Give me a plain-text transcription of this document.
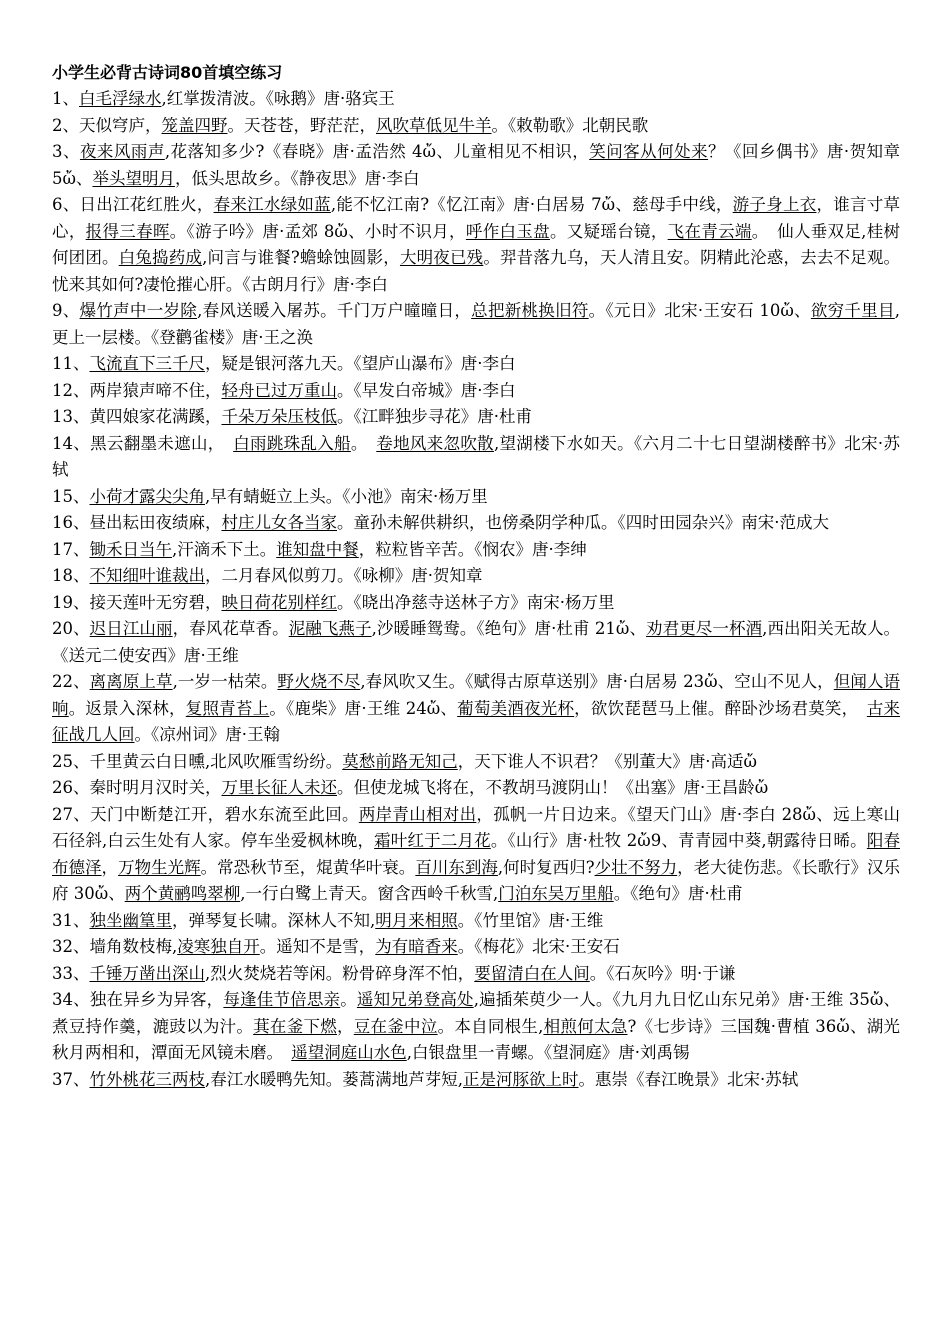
小学生必背古诗词80首填空练习

1、白毛浮绿水,红掌拨清波。《咏鹅》唐·骆宾王

2、天似穹庐，笼盖四野。天苍苍，野茫茫，风吹草低见牛羊。《敕勒歌》北朝民歌

3、夜来风雨声,花落知多少?《春晓》唐·孟浩然 4ὤ、儿童相见不相识，笑问客从何处来？《回乡偶书》唐·贺知章 5ὤ、举头望明月，低头思故乡。《静夜思》唐·李白

6、日出江花红胜火，春来江水绿如蓝,能不忆江南?《忆江南》唐·白居易 7ὤ、慈母手中线，游子身上衣，谁言寸草心，报得三春晖。《游子吟》唐·孟郊 8ὤ、小时不识月，呼作白玉盘。又疑瑶台镜，飞在青云端。　仙人垂双足,桂树何团团。白兔捣药成,问言与谁餐?蟾蜍蚀圆影，大明夜已残。羿昔落九乌，天人清且安。阴精此沦惑，去去不足观。忧来其如何?凄怆摧心肝。《古朗月行》唐·李白

9、爆竹声中一岁除,春风送暖入屠苏。千门万户曈曈日，总把新桃换旧符。《元日》北宋·王安石 10ὤ、欲穷千里目,更上一层楼。《登鹳雀楼》唐·王之涣

11、飞流直下三千尺，疑是银河落九天。《望庐山瀑布》唐·李白

12、两岸猿声啼不住，轻舟已过万重山。《早发白帝城》唐·李白

13、黄四娘家花满蹊，千朵万朵压枝低。《江畔独步寻花》唐·杜甫

14、黑云翻墨未遮山，　白雨跳珠乱入船。　卷地风来忽吹散,望湖楼下水如天。《六月二十七日望湖楼醉书》北宋·苏轼

15、小荷才露尖尖角,早有蜻蜓立上头。《小池》南宋·杨万里

16、昼出耘田夜绩麻，村庄儿女各当家。童孙未解供耕织，也傍桑阴学种瓜。《四时田园杂兴》南宋·范成大

17、锄禾日当午,汗滴禾下土。谁知盘中餐，粒粒皆辛苦。《悯农》唐·李绅

18、不知细叶谁裁出，二月春风似剪刀。《咏柳》唐·贺知章

19、接天莲叶无穷碧，映日荷花别样红。《晓出净慈寺送林子方》南宋·杨万里

20、迟日江山丽，春风花草香。泥融飞燕子,沙暖睡鸳鸯。《绝句》唐·杜甫 21ὤ、劝君更尽一杯酒,西出阳关无故人。《送元二使安西》唐·王维

22、离离原上草,一岁一枯荣。野火烧不尽,春风吹又生。《赋得古原草送别》唐·白居易 23ὤ、空山不见人，但闻人语响。返景入深林，复照青苔上。《鹿柴》唐·王维 24ὤ、葡萄美酒夜光杯，欲饮琵琶马上催。醉卧沙场君莫笑，　古来征战几人回。《凉州词》唐·王翰

25、千里黄云白日曛,北风吹雁雪纷纷。莫愁前路无知己，天下谁人不识君？《别董大》唐·高适ὤ

26、秦时明月汉时关，万里长征人未还。但使龙城飞将在，不教胡马渡阴山！《出塞》唐·王昌龄ὤ

27、天门中断楚江开，碧水东流至此回。两岸青山相对出，孤帆一片日边来。《望天门山》唐·李白 28ὤ、远上寒山石径斜,白云生处有人家。停车坐爱枫林晚，霜叶红于二月花。《山行》唐·杜牧 2ὤ9、青青园中葵,朝露待日晞。阳春布德泽，万物生光辉。常恐秋节至，焜黄华叶衰。百川东到海,何时复西归?少壮不努力，老大徒伤悲。《长歌行》汉乐府 30ὤ、两个黄鹂鸣翠柳,一行白鹭上青天。窗含西岭千秋雪,门泊东吴万里船。《绝句》唐·杜甫

31、独坐幽篁里，弹琴复长啸。深林人不知,明月来相照。《竹里馆》唐·王维

32、墙角数枝梅,凌寒独自开。遥知不是雪，为有暗香来。《梅花》北宋·王安石

33、千锤万凿出深山,烈火焚烧若等闲。粉骨碎身浑不怕，要留清白在人间。《石灰吟》明·于谦

34、独在异乡为异客，每逢佳节倍思亲。遥知兄弟登高处,遍插茱萸少一人。《九月九日忆山东兄弟》唐·王维 35ὤ、煮豆持作羹，漉豉以为汁。萁在釜下燃，豆在釜中泣。本自同根生,相煎何太急?《七步诗》三国魏·曹植 36ὤ、湖光秋月两相和，潭面无风镜未磨。　遥望洞庭山水色,白银盘里一青螺。《望洞庭》唐·刘禹锡

37、竹外桃花三两枝,春江水暖鸭先知。蒌蒿满地芦芽短,正是河豚欲上时。惠崇《春江晚景》北宋·苏轼
